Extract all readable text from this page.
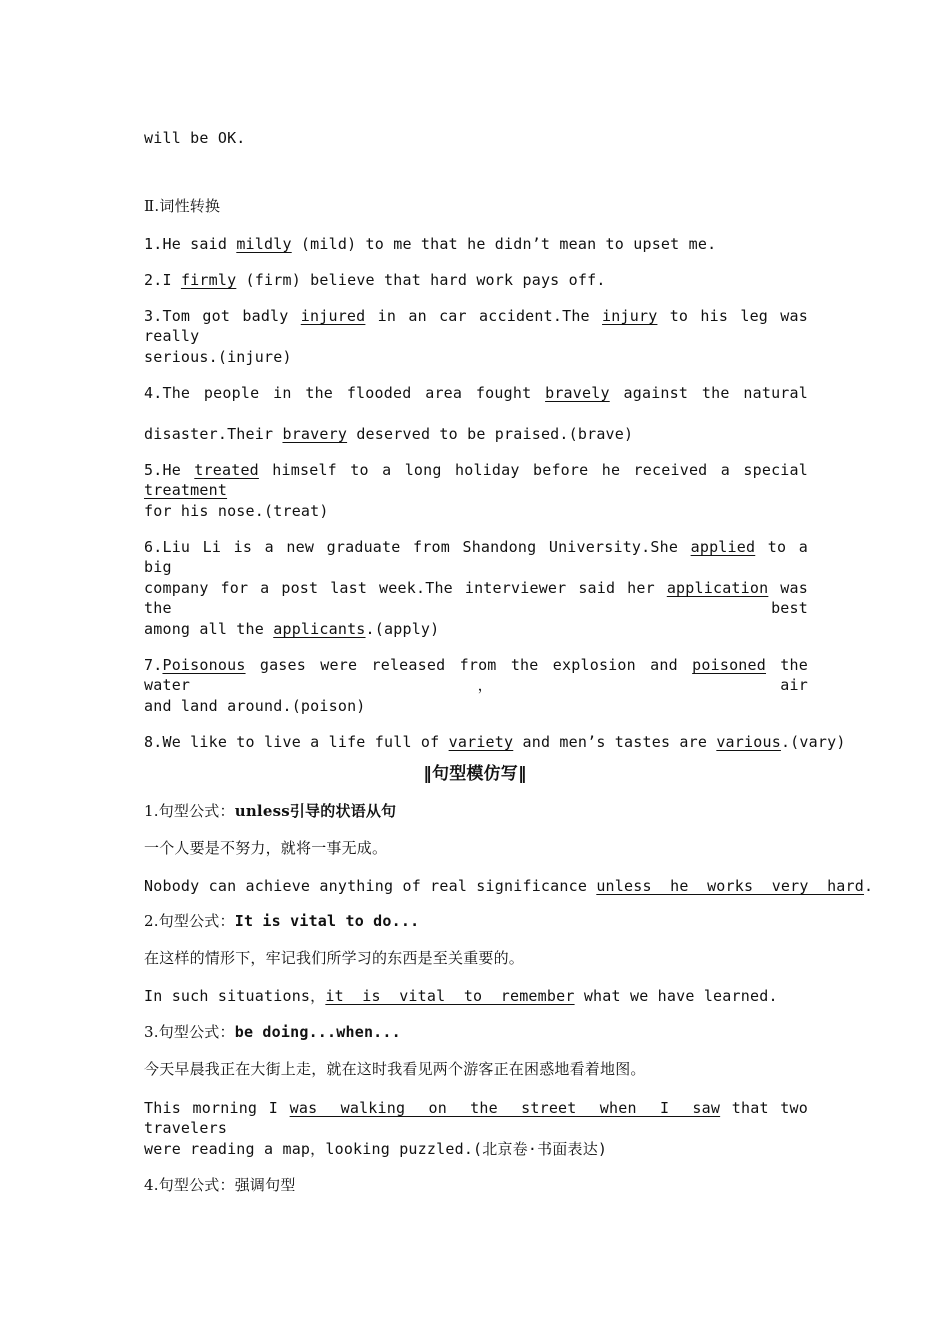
will be OK.
Ⅱ.词性转换
1.He said mildly (mild) to me that he didn’t mean to upset me.
2.I firmly (firm) believe that hard work pays off.
3.Tom got badly injured in an car accident.The injury to his leg was really
serious.(injure)
4.The people in the flooded area fought bravely against the natural
disaster.Their bravery deserved to be praised.(brave)
5.He treated himself to a long holiday before he received a special treatment
for his nose.(treat)
6.Liu Li is a new graduate from Shandong University.She applied to a big
company for a post last week.The interviewer said her application was the best
among all the applicants.(apply)
7.Poisonous gases were released from the explosion and poisoned the water，air
and land around.(poison)
8.We like to live a life full of variety and men’s tastes are various.(vary)
‖句型模仿写‖
1.句型公式：unless引导的状语从句
一个人要是不努力，就将一事无成。
Nobody can achieve anything of real significance unless  he  works  very  hard.
2.句型公式：It is vital to do...
在这样的情形下，牢记我们所学习的东西是至关重要的。
In such situations，it  is  vital  to  remember what we have learned.
3.句型公式：be doing...when...
今天早晨我正在大街上走，就在这时我看见两个游客正在困惑地看着地图。
This morning I was  walking  on  the  street  when  I  saw that two travelers
were reading a map，looking puzzled.(北京卷·书面表达)
4.句型公式：强调句型
